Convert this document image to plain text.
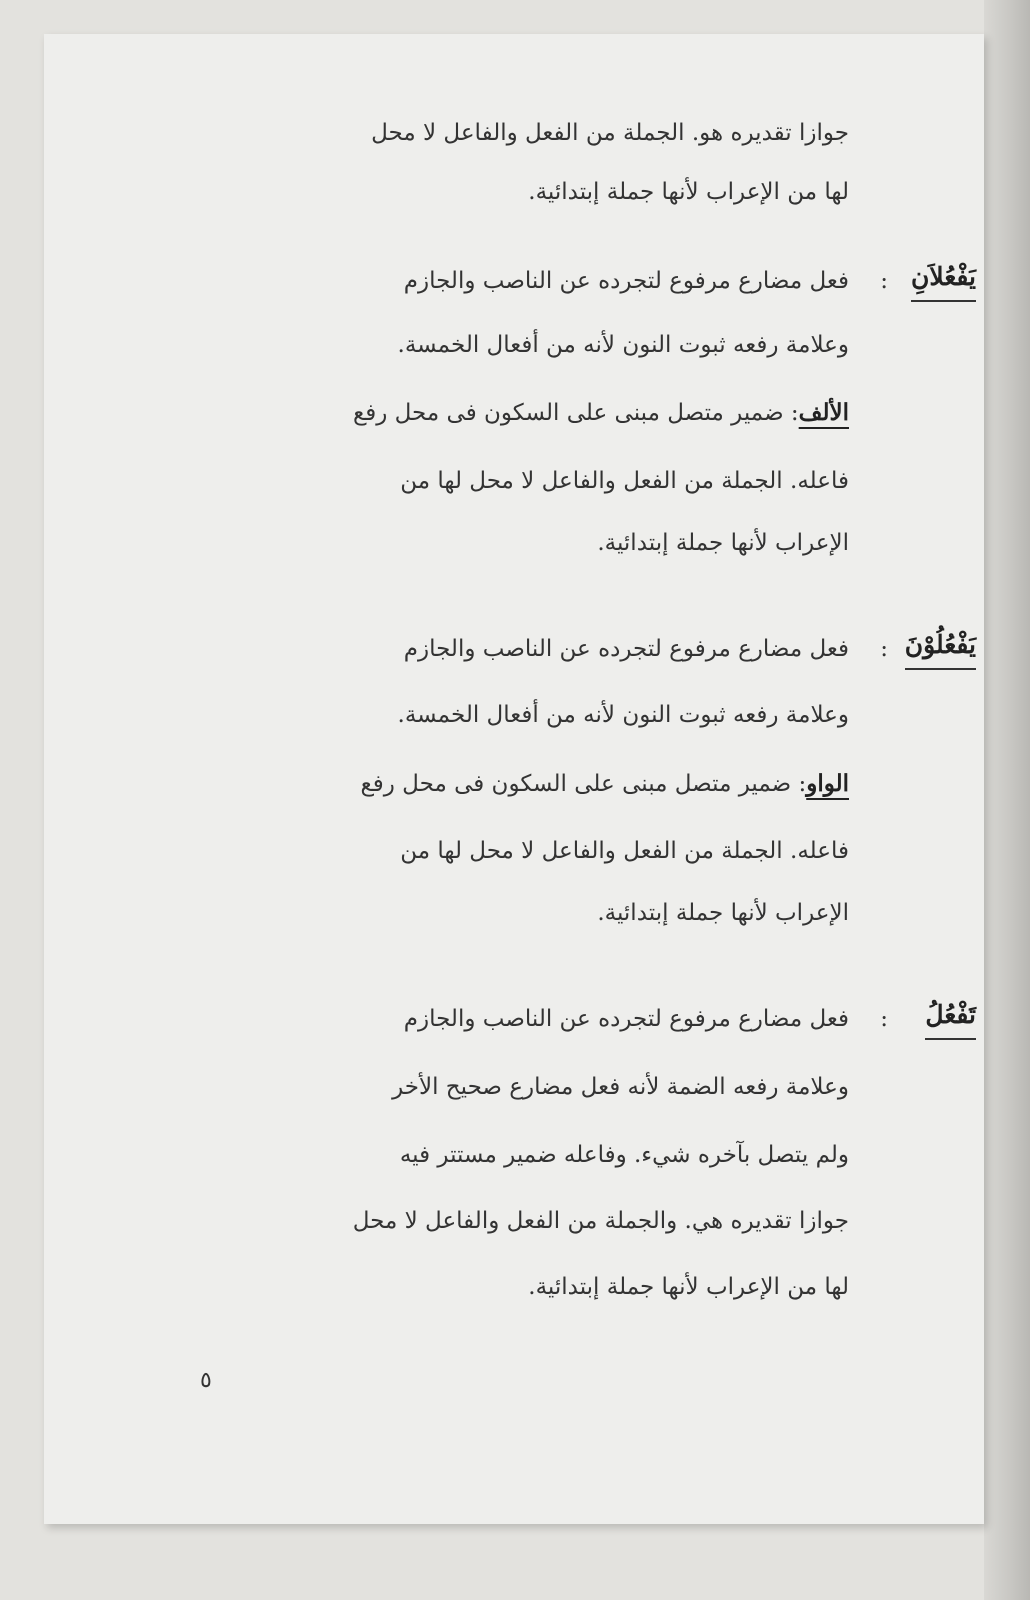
جوازا تقديره هو. الجملة من الفعل والفاعل لا محل

لها من الإعراب لأنها جملة إبتدائية.

يَفْعُلاَنِ
:

فعل مضارع مرفوع لتجرده عن الناصب والجازم

وعلامة رفعه ثبوت النون لأنه من أفعال الخمسة.

الألف: ضمير متصل مبنى على السكون فى محل رفع

فاعله. الجملة من الفعل والفاعل لا محل لها من

الإعراب لأنها جملة إبتدائية.

يَفْعُلُوْنَ
:

فعل مضارع مرفوع لتجرده عن الناصب والجازم

وعلامة رفعه ثبوت النون لأنه من أفعال الخمسة.

الواو: ضمير متصل مبنى على السكون فى محل رفع

فاعله. الجملة من الفعل والفاعل لا محل لها من

الإعراب لأنها جملة إبتدائية.

تَفْعُلُ
:

فعل مضارع مرفوع لتجرده عن الناصب والجازم

وعلامة رفعه الضمة لأنه فعل مضارع صحيح الأخر

ولم يتصل بآخره شيء. وفاعله ضمير مستتر فيه

جوازا تقديره هي. والجملة من الفعل والفاعل لا محل

لها من الإعراب لأنها جملة إبتدائية.

٥
